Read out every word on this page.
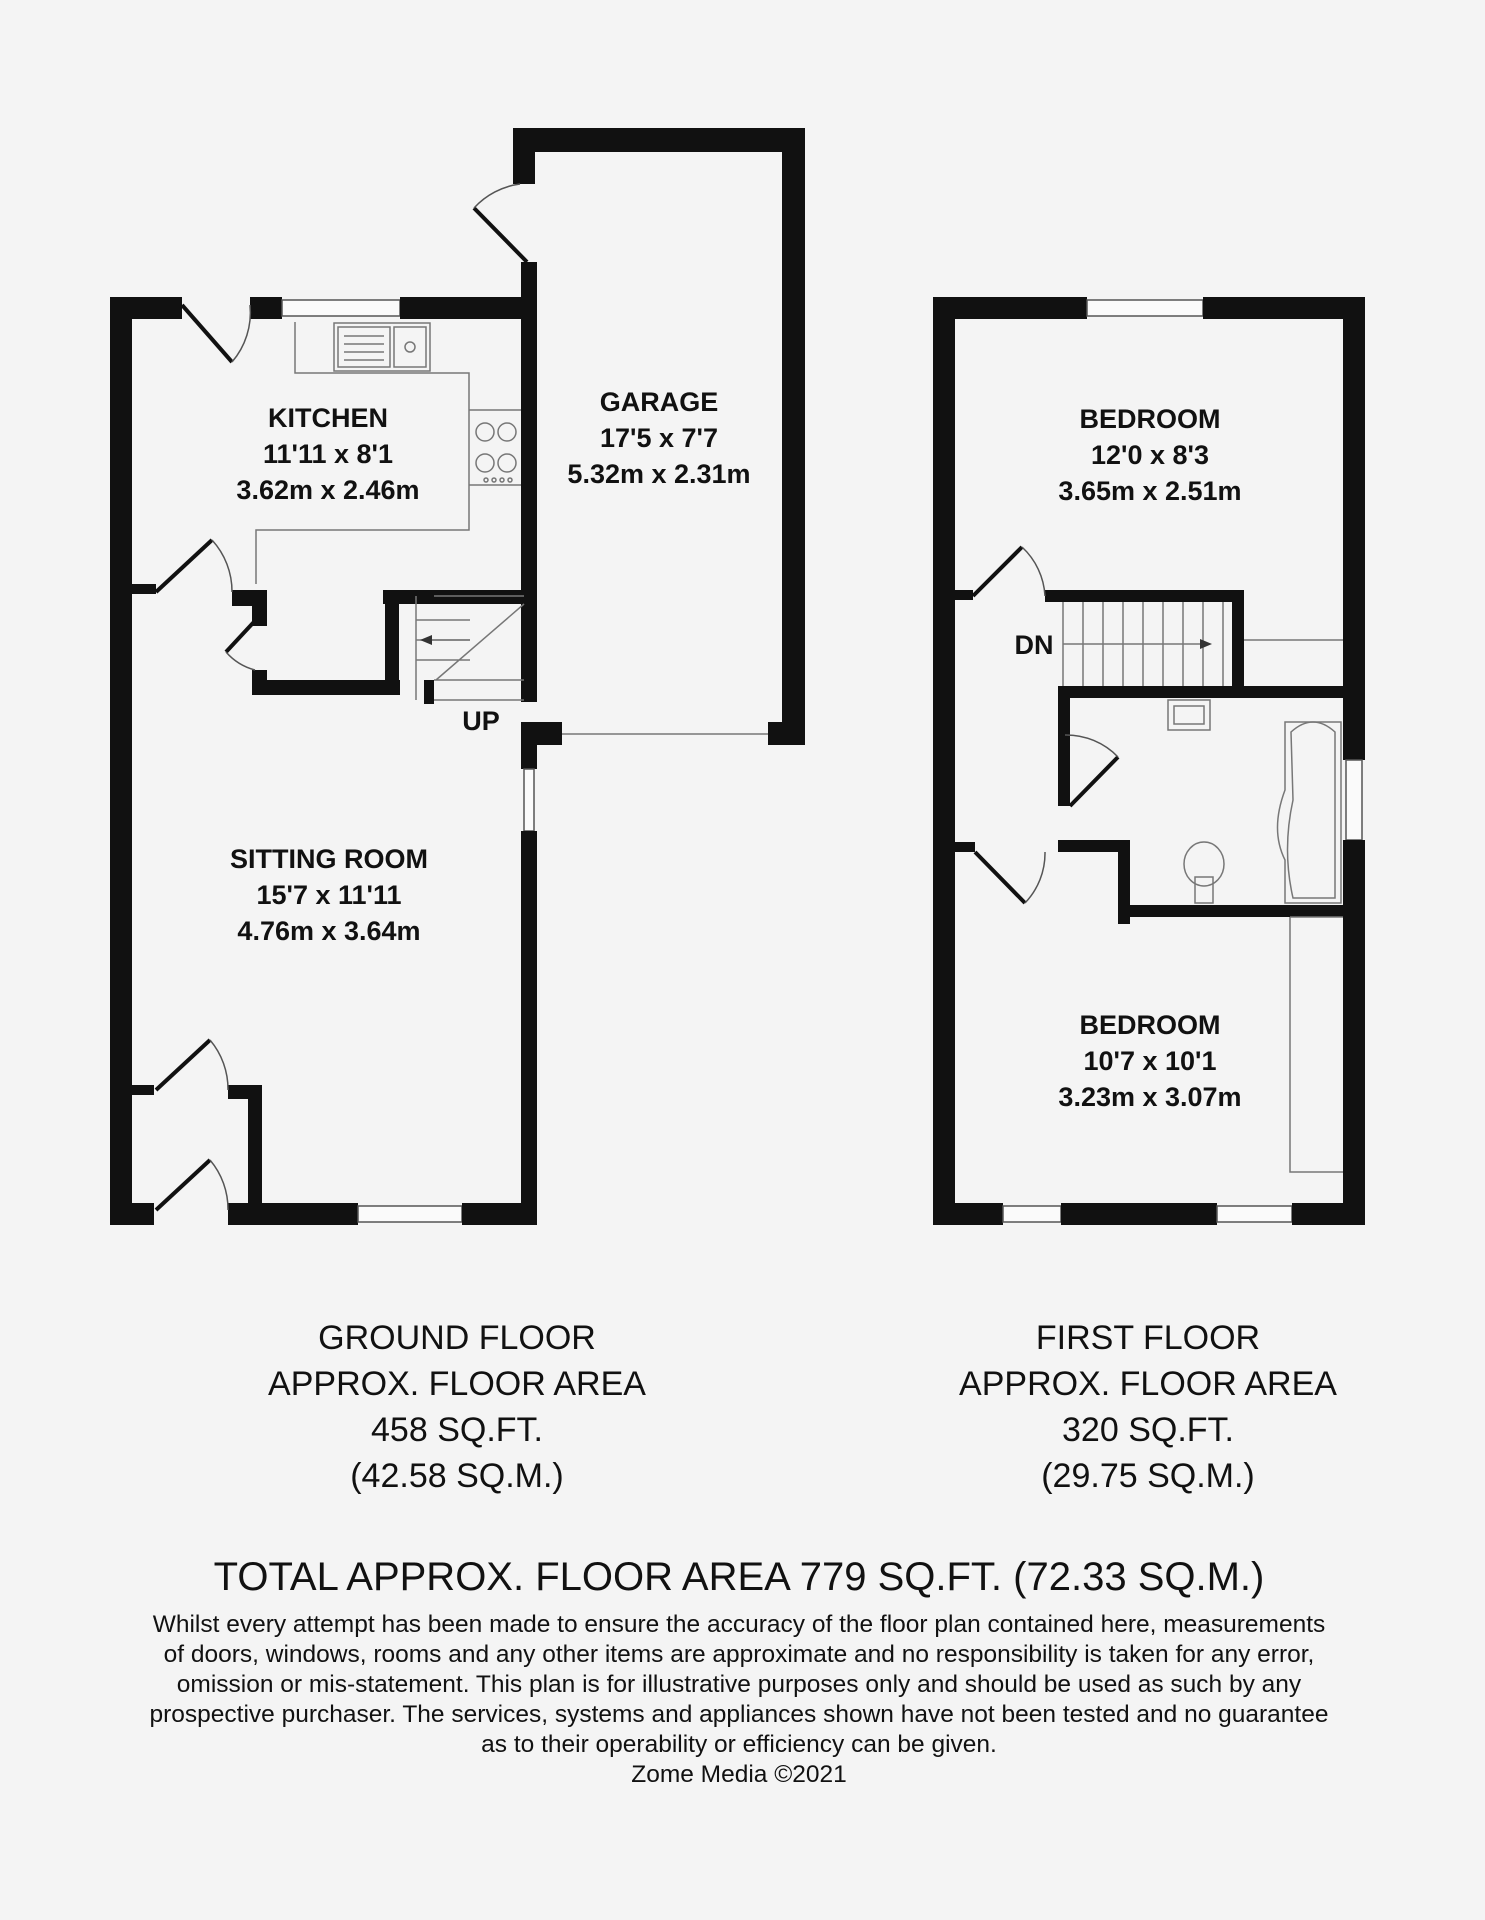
KITCHEN
11'11 x 8'1
3.62m x 2.46m
GARAGE
17'5 x 7'7
5.32m x 2.31m
UP
SITTING ROOM
15'7 x 11'11
4.76m x 3.64m
BEDROOM
12'0 x 8'3
3.65m x 2.51m
DN
BEDROOM
10'7 x 10'1
3.23m x 3.07m
GROUND FLOOR
APPROX. FLOOR AREA
458 SQ.FT.
(42.58 SQ.M.)
FIRST FLOOR
APPROX. FLOOR AREA
320 SQ.FT.
(29.75 SQ.M.)
TOTAL APPROX. FLOOR AREA 779 SQ.FT. (72.33 SQ.M.)
Whilst every attempt has been made to ensure the accuracy of the floor plan contained here, measurements
of doors, windows, rooms and any other items are approximate and no responsibility is taken for any error,
omission or mis-statement. This plan is for illustrative purposes only and should be used as such by any
prospective purchaser. The services, systems and appliances shown have not been tested and no guarantee
as to their operability or efficiency can be given.
Zome Media ©2021
